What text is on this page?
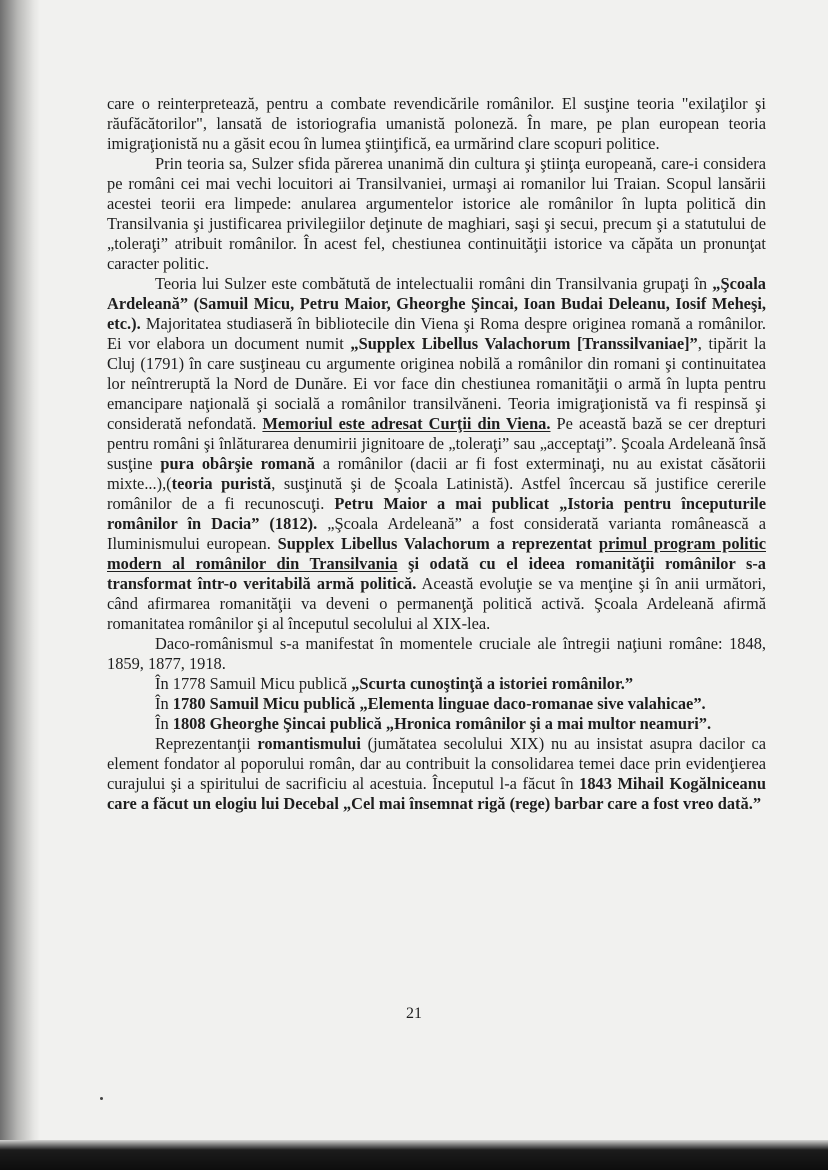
care o reinterpretează, pentru a combate revendicările românilor. El susţine teoria "exilaţilor şi răufăcătorilor", lansată de istoriografia umanistă poloneză. În mare, pe plan european teoria imigraţionistă nu a găsit ecou în lumea ştiinţifică, ea urmărind clare scopuri politice.

Prin teoria sa, Sulzer sfida părerea unanimă din cultura şi ştiinţa europeană, care-i considera pe români cei mai vechi locuitori ai Transilvaniei, urmaşi ai romanilor lui Traian. Scopul lansării acestei teorii era limpede: anularea argumentelor istorice ale românilor în lupta politică din Transilvania şi justificarea privilegiilor deţinute de maghiari, saşi şi secui, precum şi a statutului de „toleraţi” atribuit românilor. În acest fel, chestiunea continuităţii istorice va căpăta un pronunţat caracter politic.

Teoria lui Sulzer este combătută de intelectualii români din Transilvania grupaţi în „Şcoala Ardeleană” (Samuil Micu, Petru Maior, Gheorghe Şincai, Ioan Budai Deleanu, Iosif Meheşi, etc.). Majoritatea studiaseră în bibliotecile din Viena şi Roma despre originea romană a românilor. Ei vor elabora un document numit „Supplex Libellus Valachorum [Transsilvaniae]”, tipărit la Cluj (1791) în care susţineau cu argumente originea nobilă a românilor din romani şi continuitatea lor neîntreruptă la Nord de Dunăre. Ei vor face din chestiunea romanităţii o armă în lupta pentru emancipare naţională şi socială a românilor transilvăneni. Teoria imigraţionistă va fi respinsă şi considerată nefondată. Memoriul este adresat Curţii din Viena. Pe această bază se cer drepturi pentru români şi înlăturarea denumirii jignitoare de „toleraţi” sau „acceptaţi”. Şcoala Ardeleană însă susţine pura obârşie romană a românilor (dacii ar fi fost exterminaţi, nu au existat căsătorii mixte...),(teoria puristă, susţinută şi de Şcoala Latinistă). Astfel încercau să justifice cererile românilor de a fi recunoscuţi. Petru Maior a mai publicat „Istoria pentru începuturile românilor în Dacia” (1812). „Şcoala Ardeleană” a fost considerată varianta românească a Iluminismului european. Supplex Libellus Valachorum a reprezentat primul program politic modern al românilor din Transilvania şi odată cu el ideea romanităţii românilor s-a transformat într-o veritabilă armă politică. Această evoluţie se va menţine şi în anii următori, când afirmarea romanităţii va deveni o permanenţă politică activă. Şcoala Ardeleană afirmă romanitatea românilor şi al începutul secolului al XIX-lea.

Daco-românismul s-a manifestat în momentele cruciale ale întregii naţiuni române: 1848, 1859, 1877, 1918.

În 1778 Samuil Micu publică „Scurta cunoştinţă a istoriei românilor.”

În 1780 Samuil Micu publică „Elementa linguae daco-romanae sive valahicae”.

În 1808 Gheorghe Şincai publică „Hronica românilor şi a mai multor neamuri”.

Reprezentanţii romantismului (jumătatea secolului XIX) nu au insistat asupra dacilor ca element fondator al poporului român, dar au contribuit la consolidarea temei dace prin evidenţierea curajului şi a spiritului de sacrificiu al acestuia. Începutul l-a făcut în 1843 Mihail Kogălniceanu care a făcut un elogiu lui Decebal „Cel mai însemnat rigă (rege) barbar care a fost vreo dată.”

21
